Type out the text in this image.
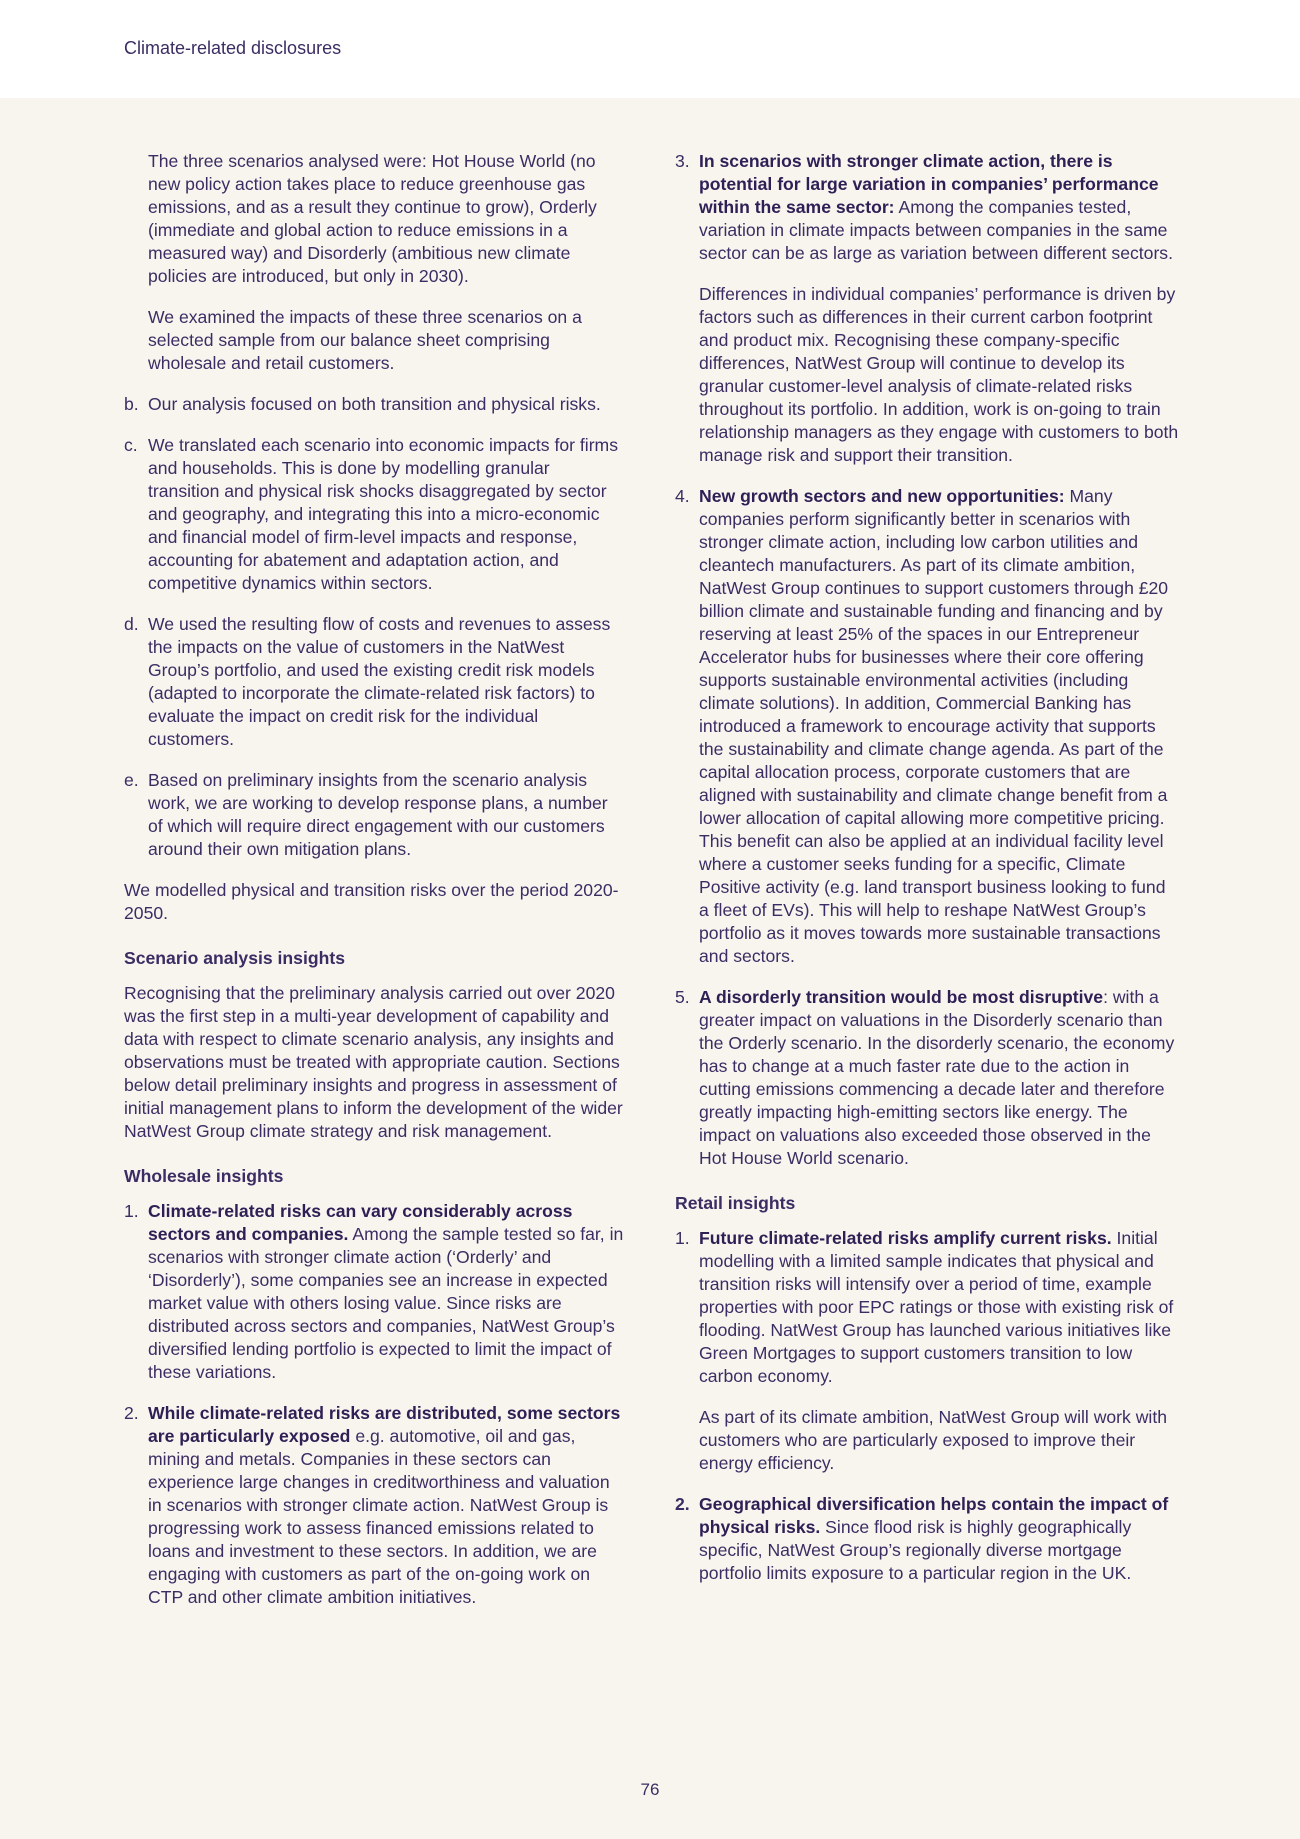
Climate-related disclosures

The three scenarios analysed were: Hot House World (no new policy action takes place to reduce greenhouse gas emissions, and as a result they continue to grow), Orderly (immediate and global action to reduce emissions in a measured way) and Disorderly (ambitious new climate policies are introduced, but only in 2030).

We examined the impacts of these three scenarios on a selected sample from our balance sheet comprising wholesale and retail customers.

b. Our analysis focused on both transition and physical risks.
c. We translated each scenario into economic impacts for firms and households. This is done by modelling granular transition and physical risk shocks disaggregated by sector and geography, and integrating this into a micro-economic and financial model of firm-level impacts and response, accounting for abatement and adaptation action, and competitive dynamics within sectors.
d. We used the resulting flow of costs and revenues to assess the impacts on the value of customers in the NatWest Group’s portfolio, and used the existing credit risk models (adapted to incorporate the climate-related risk factors) to evaluate the impact on credit risk for the individual customers.
e. Based on preliminary insights from the scenario analysis work, we are working to develop response plans, a number of which will require direct engagement with our customers around their own mitigation plans.

We modelled physical and transition risks over the period 2020-2050.

Scenario analysis insights

Recognising that the preliminary analysis carried out over 2020 was the first step in a multi-year development of capability and data with respect to climate scenario analysis, any insights and observations must be treated with appropriate caution. Sections below detail preliminary insights and progress in assessment of initial management plans to inform the development of the wider NatWest Group climate strategy and risk management.

Wholesale insights
1. Climate-related risks can vary considerably across sectors and companies. Among the sample tested so far, in scenarios with stronger climate action (‘Orderly’ and ‘Disorderly’), some companies see an increase in expected market value with others losing value. Since risks are distributed across sectors and companies, NatWest Group’s diversified lending portfolio is expected to limit the impact of these variations.
2. While climate-related risks are distributed, some sectors are particularly exposed e.g. automotive, oil and gas, mining and metals. Companies in these sectors can experience large changes in creditworthiness and valuation in scenarios with stronger climate action. NatWest Group is progressing work to assess financed emissions related to loans and investment to these sectors. In addition, we are engaging with customers as part of the on-going work on CTP and other climate ambition initiatives.
3. In scenarios with stronger climate action, there is potential for large variation in companies’ performance within the same sector: Among the companies tested, variation in climate impacts between companies in the same sector can be as large as variation between different sectors.

Differences in individual companies’ performance is driven by factors such as differences in their current carbon footprint and product mix. Recognising these company-specific differences, NatWest Group will continue to develop its granular customer-level analysis of climate-related risks throughout its portfolio. In addition, work is on-going to train relationship managers as they engage with customers to both manage risk and support their transition.

4. New growth sectors and new opportunities: Many companies perform significantly better in scenarios with stronger climate action, including low carbon utilities and cleantech manufacturers. As part of its climate ambition, NatWest Group continues to support customers through £20 billion climate and sustainable funding and financing and by reserving at least 25% of the spaces in our Entrepreneur Accelerator hubs for businesses where their core offering supports sustainable environmental activities (including climate solutions). In addition, Commercial Banking has introduced a framework to encourage activity that supports the sustainability and climate change agenda. As part of the capital allocation process, corporate customers that are aligned with sustainability and climate change benefit from a lower allocation of capital allowing more competitive pricing. This benefit can also be applied at an individual facility level where a customer seeks funding for a specific, Climate Positive activity (e.g. land transport business looking to fund a fleet of EVs). This will help to reshape NatWest Group’s portfolio as it moves towards more sustainable transactions and sectors.
5. A disorderly transition would be most disruptive: with a greater impact on valuations in the Disorderly scenario than the Orderly scenario. In the disorderly scenario, the economy has to change at a much faster rate due to the action in cutting emissions commencing a decade later and therefore greatly impacting high-emitting sectors like energy. The impact on valuations also exceeded those observed in the Hot House World scenario.
Retail insights
1. Future climate-related risks amplify current risks. Initial modelling with a limited sample indicates that physical and transition risks will intensify over a period of time, example properties with poor EPC ratings or those with existing risk of flooding. NatWest Group has launched various initiatives like Green Mortgages to support customers transition to low carbon economy.

As part of its climate ambition, NatWest Group will work with customers who are particularly exposed to improve their energy efficiency.

2. Geographical diversification helps contain the impact of physical risks. Since flood risk is highly geographically specific, NatWest Group’s regionally diverse mortgage portfolio limits exposure to a particular region in the UK.
76
